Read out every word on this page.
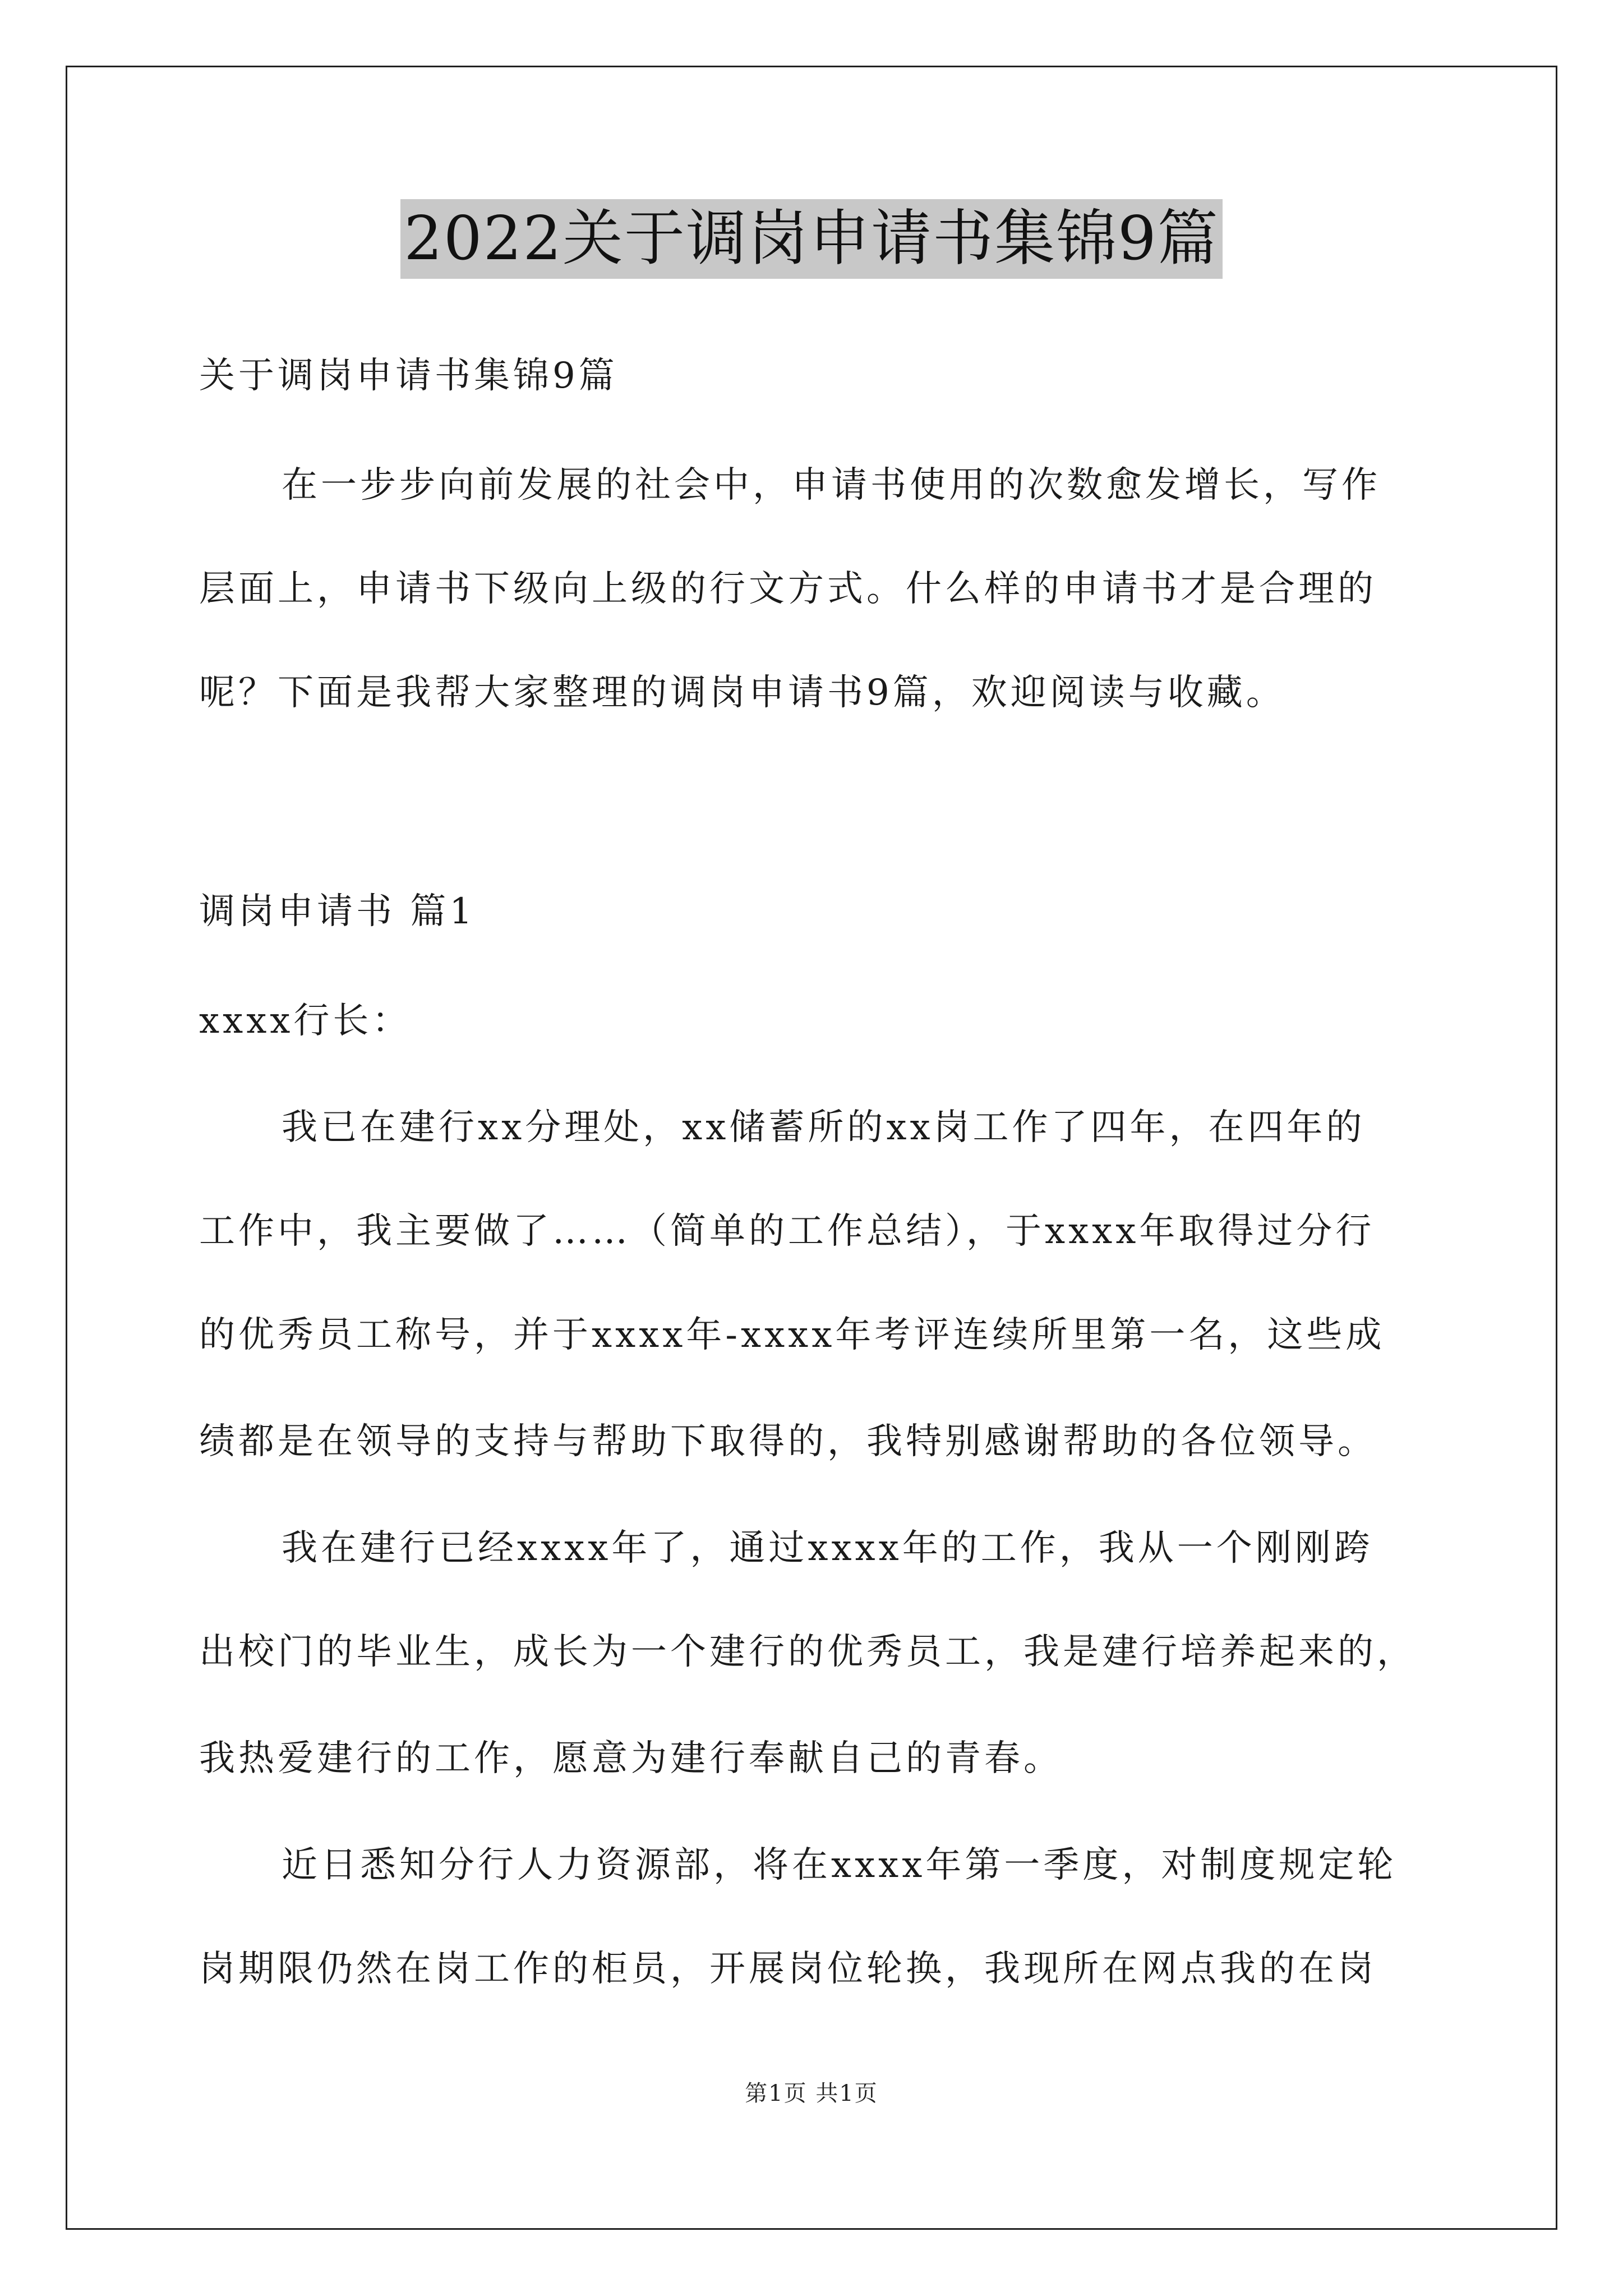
2022关于调岗申请书集锦9篇
关于调岗申请书集锦9篇
在一步步向前发展的社会中，申请书使用的次数愈发增长，写作
层面上，申请书下级向上级的行文方式。什么样的申请书才是合理的
呢？下面是我帮大家整理的调岗申请书9篇，欢迎阅读与收藏。
调岗申请书 篇1
xxxx行长：
我已在建行xx分理处，xx储蓄所的xx岗工作了四年，在四年的
工作中，我主要做了……（简单的工作总结），于xxxx年取得过分行
的优秀员工称号，并于xxxx年-xxxx年考评连续所里第一名，这些成
绩都是在领导的支持与帮助下取得的，我特别感谢帮助的各位领导。
我在建行已经xxxx年了，通过xxxx年的工作，我从一个刚刚跨
出校门的毕业生，成长为一个建行的优秀员工，我是建行培养起来的，
我热爱建行的工作，愿意为建行奉献自己的青春。
近日悉知分行人力资源部，将在xxxx年第一季度，对制度规定轮
岗期限仍然在岗工作的柜员，开展岗位轮换，我现所在网点我的在岗
第1页 共1页
